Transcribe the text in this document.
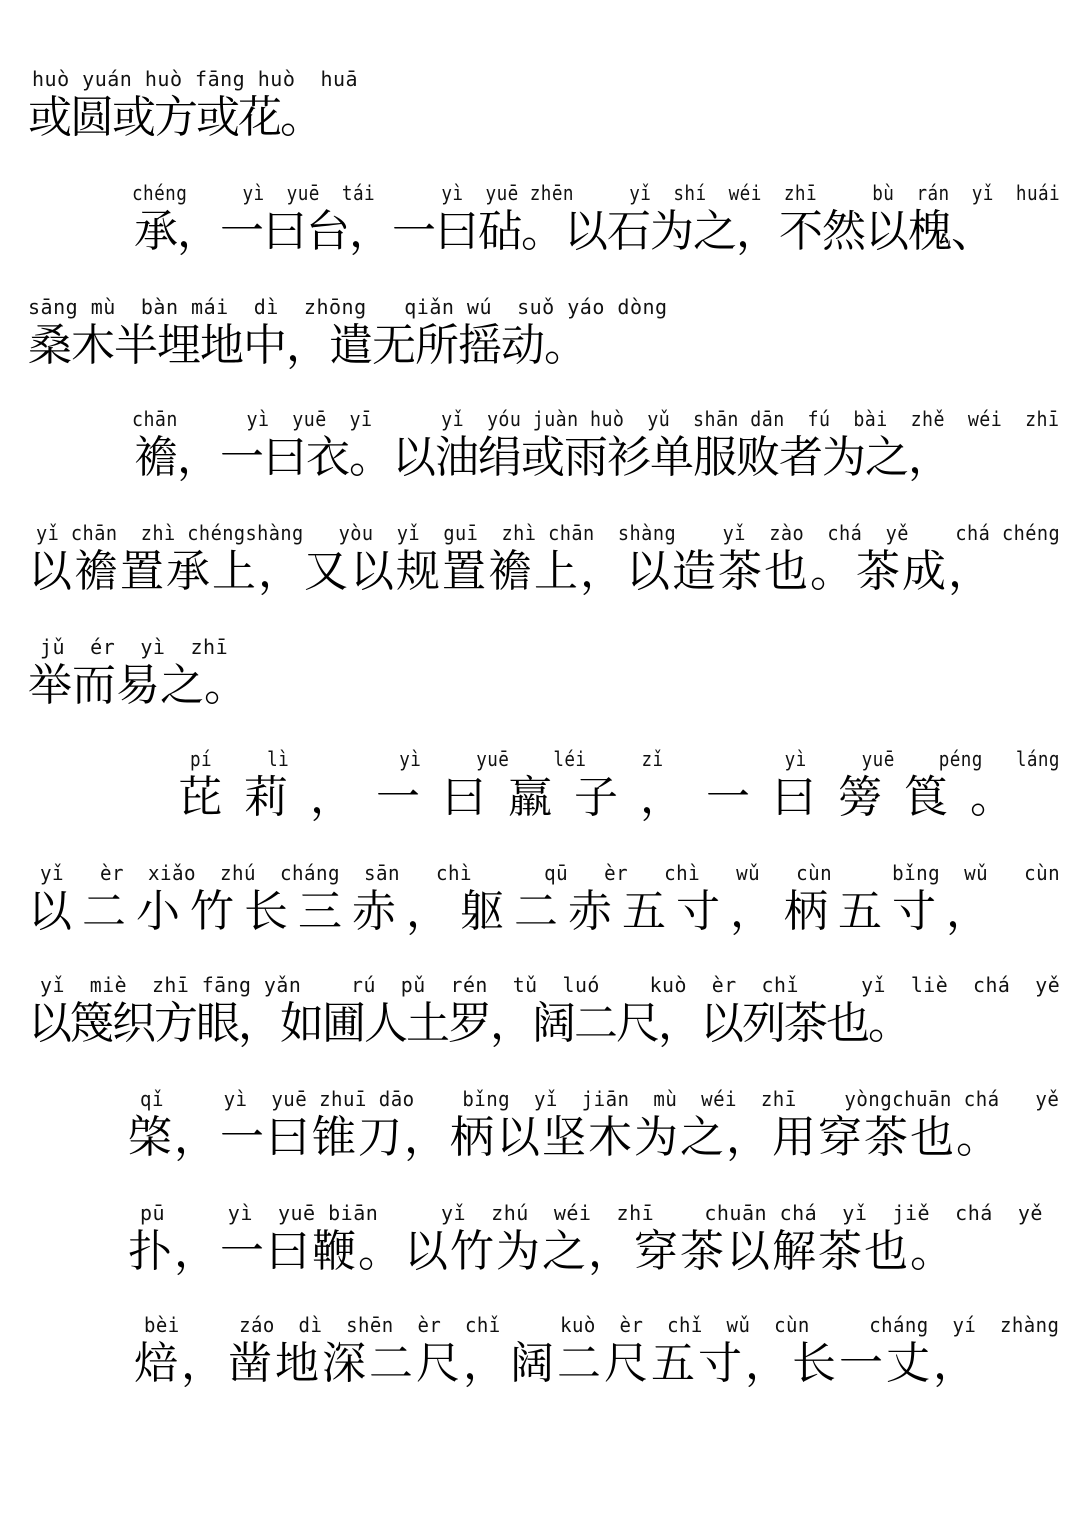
huò yuán huò fāng huò  huā
或圆或方或花。
chéng     yì  yuē  tái      yì  yuē zhēn     yǐ  shí  wéi  zhī     bù  rán  yǐ  huái
承，一曰台，一曰砧。以石为之，不然以槐、
sāng mù  bàn mái  dì  zhōng   qiǎn wú  suǒ yáo dòng
桑木半埋地中，遣无所摇动。
chān      yì  yuē  yī      yǐ  yóu juàn huò  yǔ  shān dān  fú  bài  zhě  wéi  zhī
襜，一曰衣。以油绢或雨衫单服败者为之，
yǐ chān  zhì chéngshàng   yòu  yǐ  guī  zhì chān  shàng    yǐ  zào  chá  yě    chá chéng
以襜置承上，又以规置襜上，以造茶也。茶成，
jǔ  ér  yì  zhī
举而易之。
pí     lì          yì     yuē    léi     zǐ           yì     yuē    péng   láng
芘莉，一曰羸子，一曰篣筤。
yǐ   èr  xiǎo  zhú  cháng  sān   chì      qū   èr   chì   wǔ   cùn     bǐng  wǔ   cùn
以二小竹长三赤，躯二赤五寸，柄五寸，
yǐ  miè  zhī fāng yǎn    rú  pǔ  rén  tǔ  luó    kuò  èr  chǐ     yǐ  liè  chá  yě
以篾织方眼，如圃人土罗，阔二尺，以列茶也。
qǐ     yì  yuē zhuī dāo    bǐng  yǐ  jiān  mù  wéi  zhī    yòngchuān chá   yě
棨，一曰锥刀，柄以坚木为之，用穿茶也。
pū     yì  yuē biān     yǐ  zhú  wéi  zhī    chuān chá  yǐ  jiě  chá  yě
扑，一曰鞭。以竹为之，穿茶以解茶也。
bèi     záo  dì  shēn  èr  chǐ     kuò  èr  chǐ  wǔ  cùn     cháng  yí  zhàng
焙，凿地深二尺，阔二尺五寸，长一丈，
